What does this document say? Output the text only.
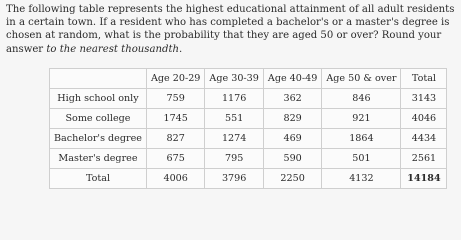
The following table represents the highest educational attainment of all adult residents in a certain town. If a resident who has completed a bachelor's or a master's degree is chosen at random, what is the probability that they are aged 50 or over? Round your answer to the nearest thousandth.
	Age 20-29	Age 30-39	Age 40-49	Age 50 & over	Total
High school only	759	1176	362	846	3143
Some college	1745	551	829	921	4046
Bachelor's degree	827	1274	469	1864	4434
Master's degree	675	795	590	501	2561
Total	4006	3796	2250	4132	14184
